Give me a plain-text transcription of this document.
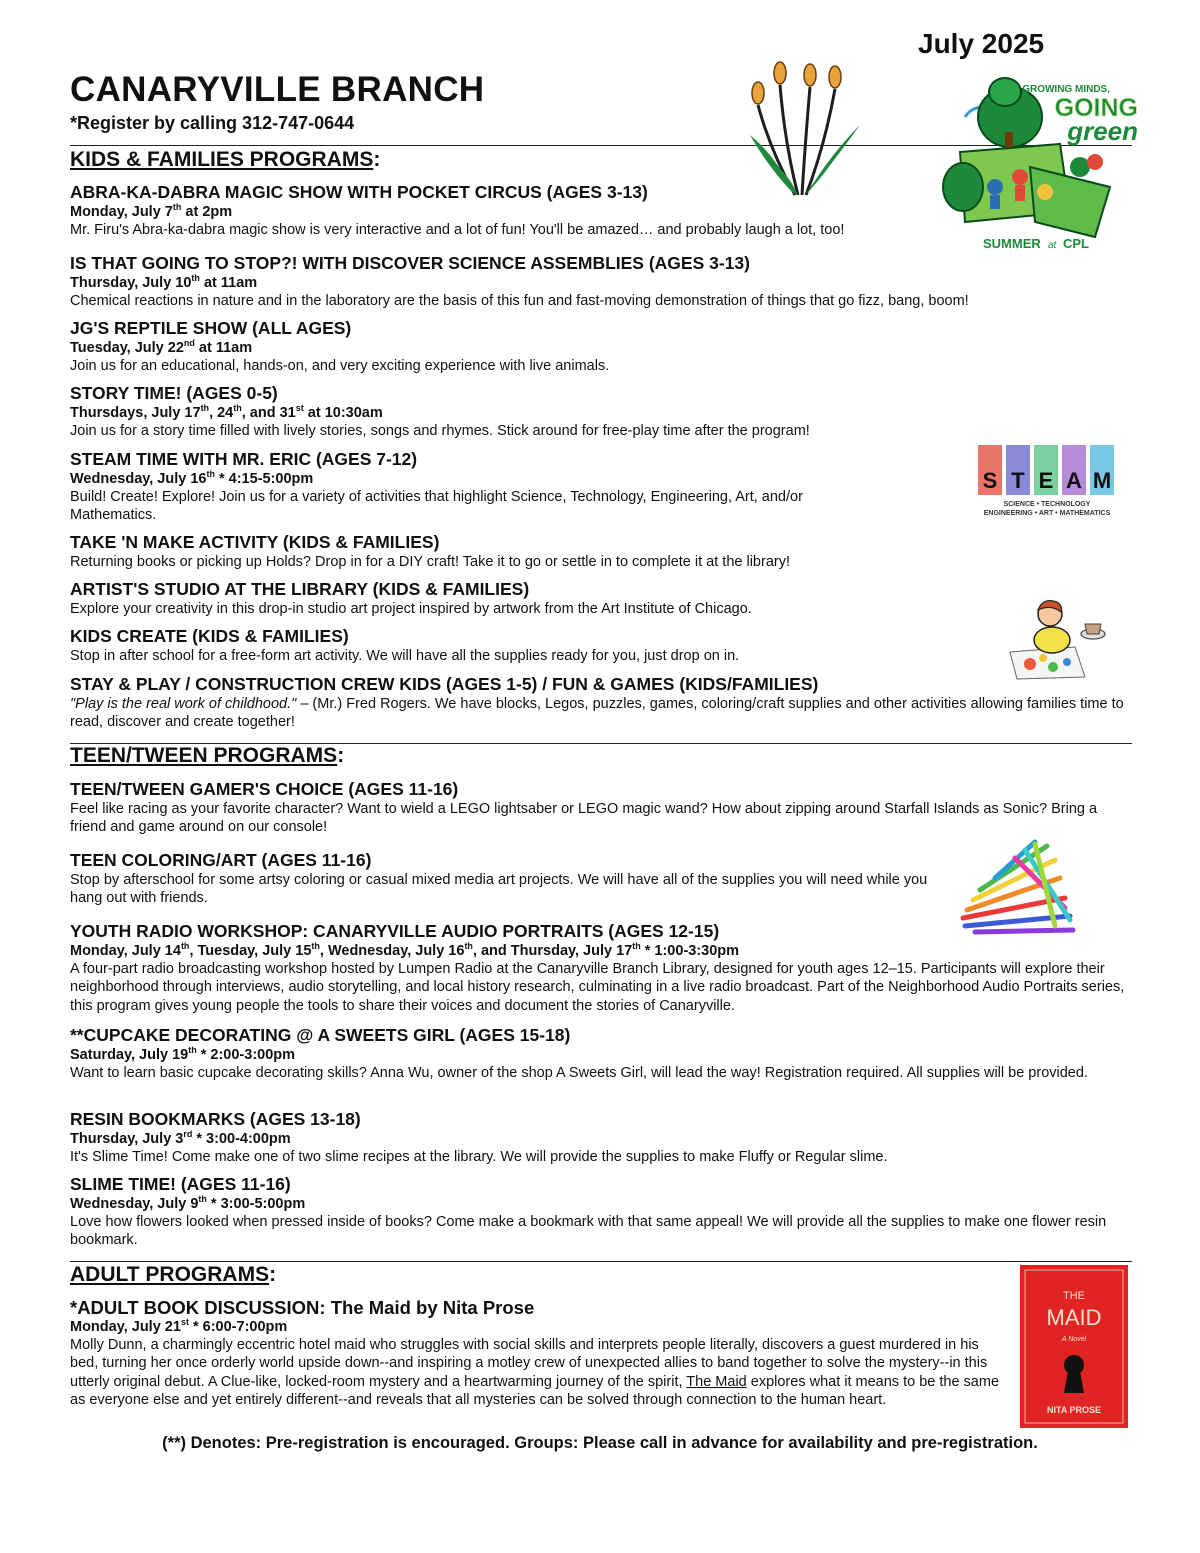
July 2025
CANARYVILLE BRANCH
*Register by calling 312-747-0644
GROWING MINDS,
GOING
green
SUMMER at CPL
KIDS & FAMILIES PROGRAMS:
ABRA-KA-DABRA MAGIC SHOW WITH POCKET CIRCUS (AGES 3-13)
Monday, July 7th at 2pm
Mr. Firu's Abra-ka-dabra magic show is very interactive and a lot of fun! You'll be amazed… and probably laugh a lot, too!
IS THAT GOING TO STOP?! WITH DISCOVER SCIENCE ASSEMBLIES (AGES 3-13)
Thursday, July 10th at 11am
Chemical reactions in nature and in the laboratory are the basis of this fun and fast-moving demonstration of things that go fizz, bang, boom!
JG'S REPTILE SHOW (ALL AGES)
Tuesday, July 22nd at 11am
Join us for an educational, hands-on, and very exciting experience with live animals.
STORY TIME! (AGES 0-5)
Thursdays, July 17th, 24th, and 31st at 10:30am
Join us for a story time filled with lively stories, songs and rhymes. Stick around for free-play time after the program!
STEAM TIME WITH MR. ERIC (AGES 7-12)
Wednesday, July 16th * 4:15-5:00pm
Build! Create! Explore! Join us for a variety of activities that highlight Science, Technology, Engineering, Art, and/or Mathematics.
S T E A M
SCIENCE • TECHNOLOGY
ENGINEERING • ART • MATHEMATICS
TAKE 'N MAKE ACTIVITY (KIDS & FAMILIES)
Returning books or picking up Holds? Drop in for a DIY craft! Take it to go or settle in to complete it at the library!
ARTIST'S STUDIO AT THE LIBRARY (KIDS & FAMILIES)
Explore your creativity in this drop-in studio art project inspired by artwork from the Art Institute of Chicago.
KIDS CREATE (KIDS & FAMILIES)
Stop in after school for a free-form art activity. We will have all the supplies ready for you, just drop on in.
STAY & PLAY / CONSTRUCTION CREW KIDS (AGES 1-5) / FUN & GAMES (KIDS/FAMILIES)
"Play is the real work of childhood." – (Mr.) Fred Rogers. We have blocks, Legos, puzzles, games, coloring/craft supplies and other activities allowing families time to read, discover and create together!
TEEN/TWEEN PROGRAMS:
TEEN/TWEEN GAMER'S CHOICE (AGES 11-16)
Feel like racing as your favorite character? Want to wield a LEGO lightsaber or LEGO magic wand? How about zipping around Starfall Islands as Sonic? Bring a friend and game around on our console!
TEEN COLORING/ART (AGES 11-16)
Stop by afterschool for some artsy coloring or casual mixed media art projects. We will have all of the supplies you will need while you hang out with friends.
YOUTH RADIO WORKSHOP: CANARYVILLE AUDIO PORTRAITS (AGES 12-15)
Monday, July 14th, Tuesday, July 15th, Wednesday, July 16th, and Thursday, July 17th * 1:00-3:30pm
A four-part radio broadcasting workshop hosted by Lumpen Radio at the Canaryville Branch Library, designed for youth ages 12–15. Participants will explore their neighborhood through interviews, audio storytelling, and local history research, culminating in a live radio broadcast. Part of the Neighborhood Audio Portraits series, this program gives young people the tools to share their voices and document the stories of Canaryville.
**CUPCAKE DECORATING @ A SWEETS GIRL (AGES 15-18)
Saturday, July 19th * 2:00-3:00pm
Want to learn basic cupcake decorating skills? Anna Wu, owner of the shop A Sweets Girl, will lead the way! Registration required. All supplies will be provided.
RESIN BOOKMARKS (AGES 13-18)
Thursday, July 3rd * 3:00-4:00pm
It's Slime Time! Come make one of two slime recipes at the library. We will provide the supplies to make Fluffy or Regular slime.
SLIME TIME! (AGES 11-16)
Wednesday, July 9th * 3:00-5:00pm
Love how flowers looked when pressed inside of books? Come make a bookmark with that same appeal! We will provide all the supplies to make one flower resin bookmark.
ADULT PROGRAMS:
*ADULT BOOK DISCUSSION: The Maid by Nita Prose
Monday, July 21st * 6:00-7:00pm
Molly Dunn, a charmingly eccentric hotel maid who struggles with social skills and interprets people literally, discovers a guest murdered in his bed, turning her once orderly world upside down--and inspiring a motley crew of unexpected allies to band together to solve the mystery--in this utterly original debut. A Clue-like, locked-room mystery and a heartwarming journey of the spirit, The Maid explores what it means to be the same as everyone else and yet entirely different--and reveals that all mysteries can be solved through connection to the human heart.
THE
MAID
A Novel
NITA PROSE
(**) Denotes: Pre-registration is encouraged. Groups: Please call in advance for availability and pre-registration.
